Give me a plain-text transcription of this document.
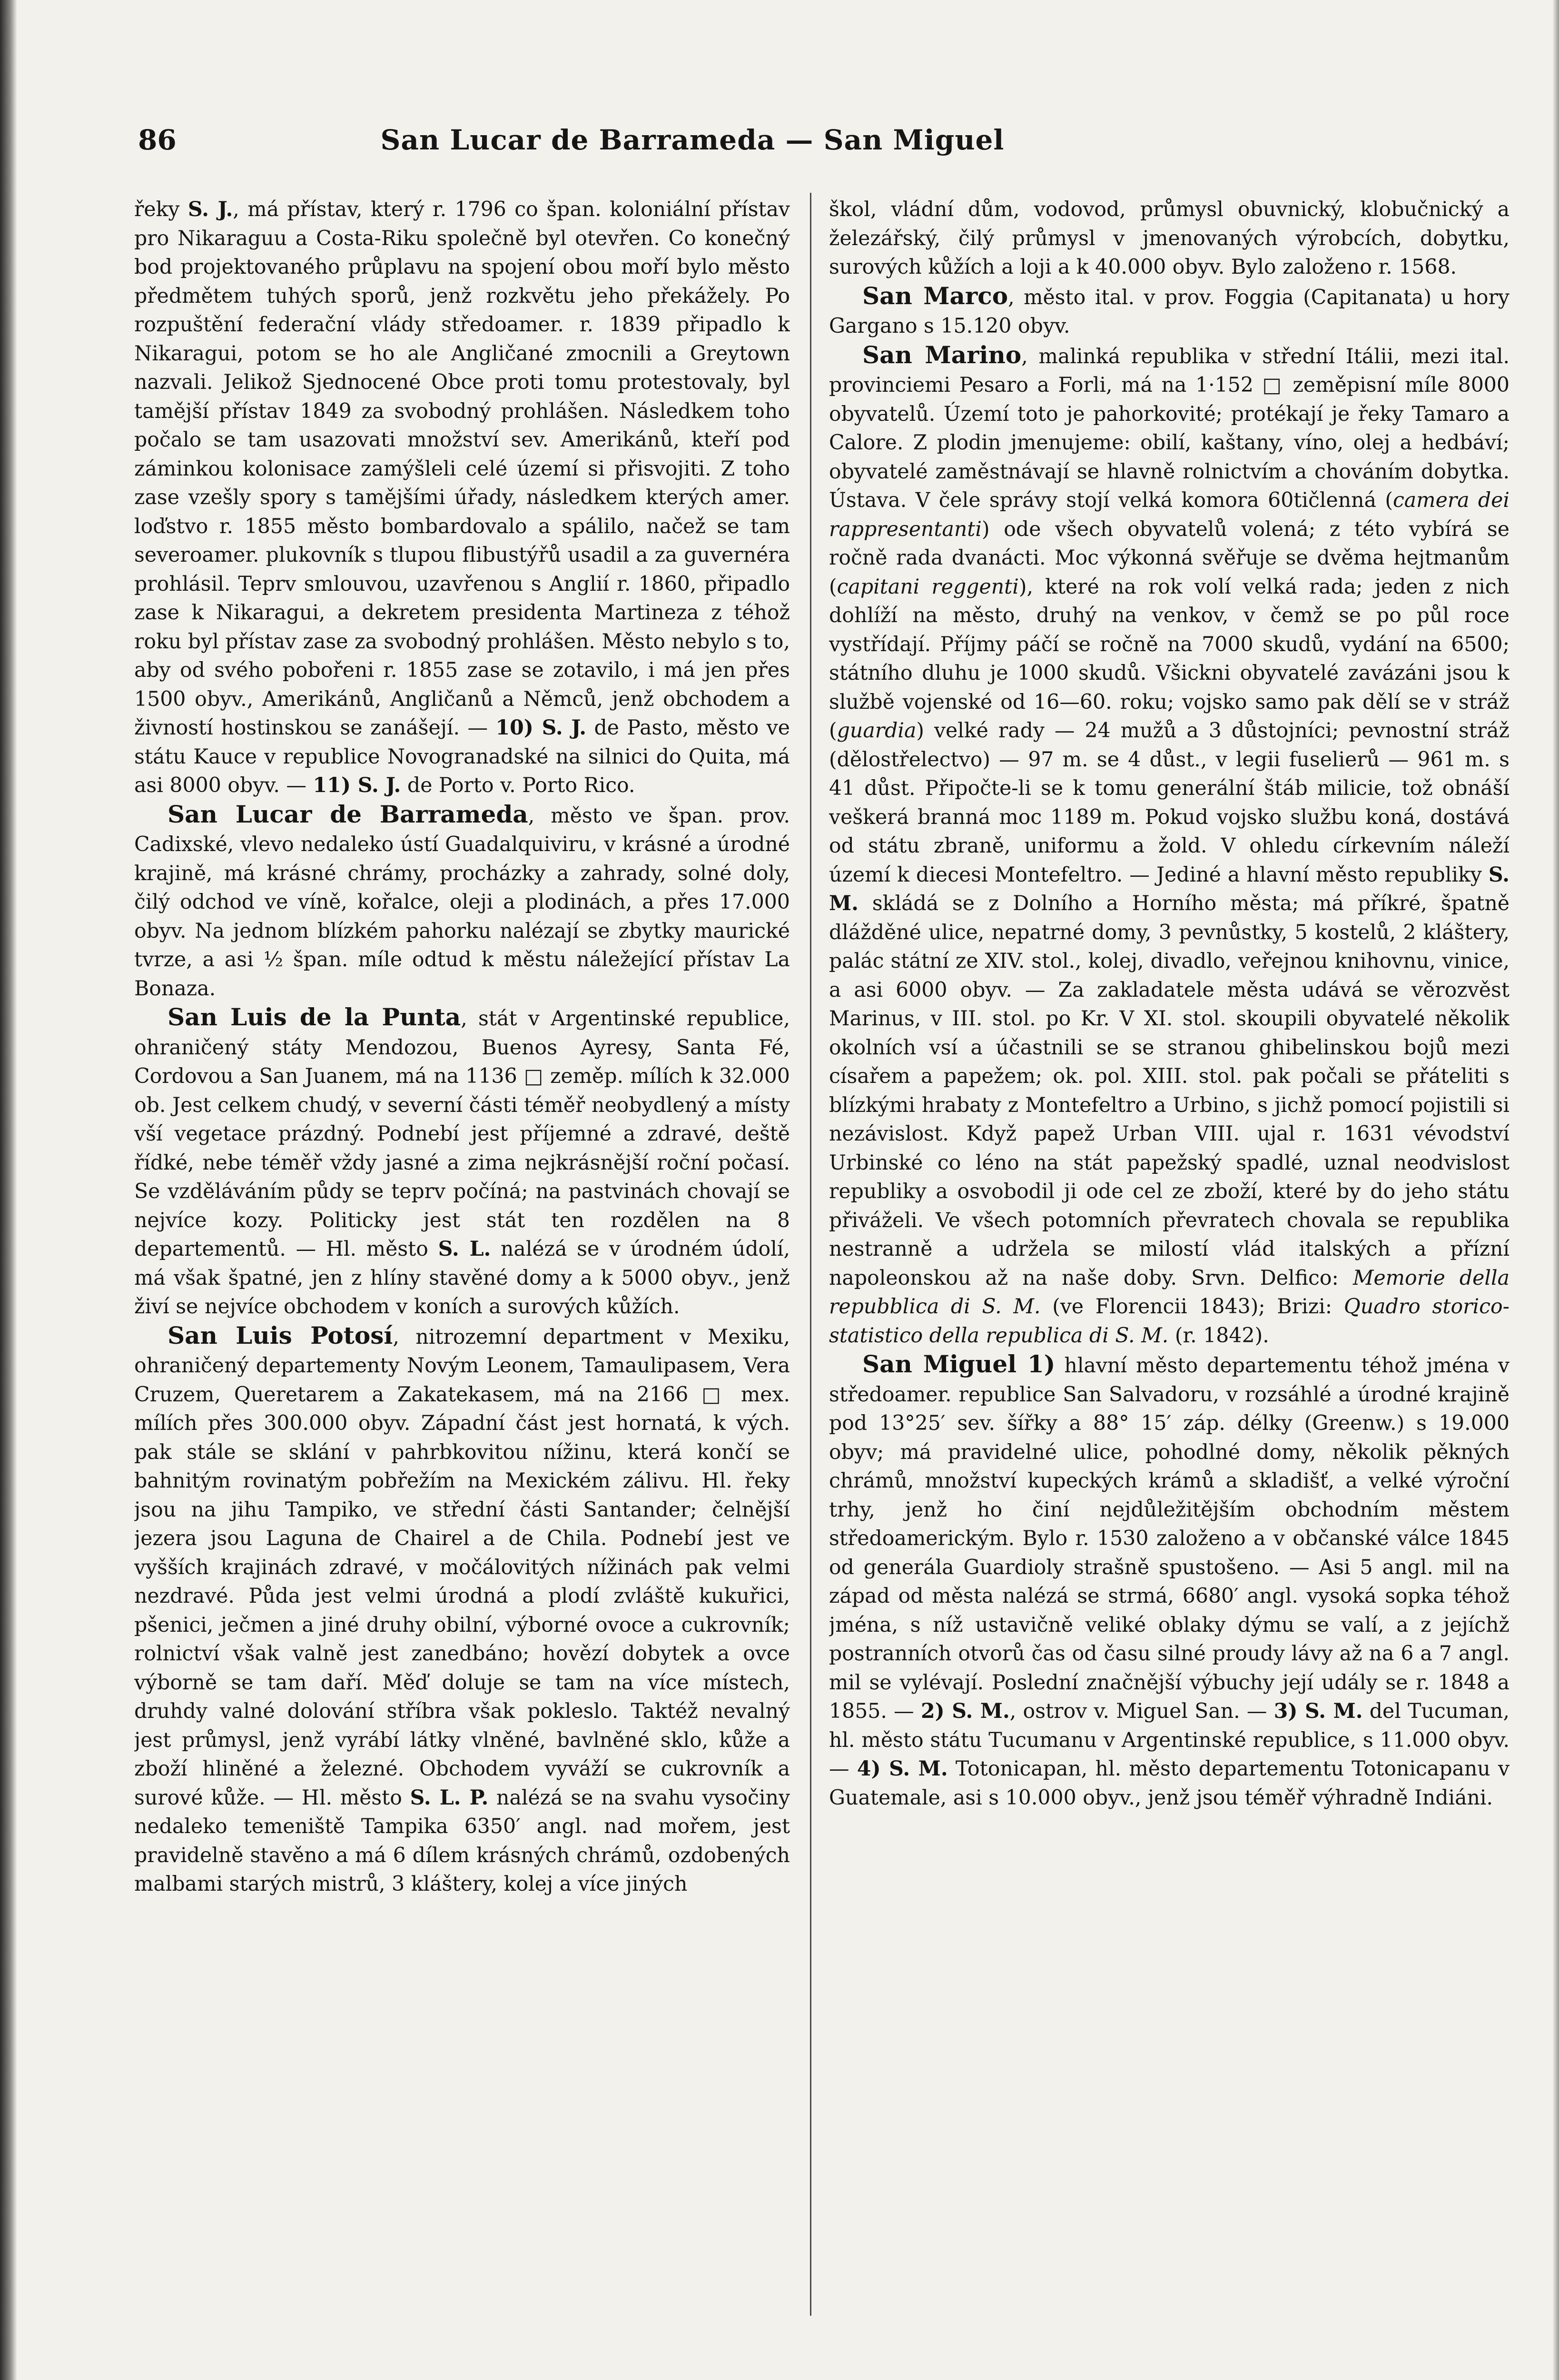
86	San Lucar de Barrameda — San Miguel

řeky S. J., má přístav, který r. 1796 co špan. koloniální přístav pro Nikaraguu a Costa-Riku společně byl otevřen. Co konečný bod projektovaného průplavu na spojení obou moří bylo město předmětem tuhých sporů, jenž rozkvětu jeho překážely. Po rozpuštění federační vlády středoamer. r. 1839 připadlo k Nikaragui, potom se ho ale Angličané zmocnili a Greytown nazvali. Jelikož Sjednocené Obce proti tomu protestovaly, byl tamější přístav 1849 za svobodný prohlášen. Následkem toho počalo se tam usazovati množství sev. Amerikánů, kteří pod záminkou kolonisace zamýšleli celé území si přisvojiti. Z toho zase vzešly spory s tamějšími úřady, následkem kterých amer. loďstvo r. 1855 město bombardovalo a spálilo, načež se tam severoamer. plukovník s tlupou flibustýřů usadil a za guvernéra prohlásil. Teprv smlouvou, uzavřenou s Anglií r. 1860, připadlo zase k Nikaragui, a dekretem presidenta Martineza z téhož roku byl přístav zase za svobodný prohlášen. Město nebylo s to, aby od svého pobořeni r. 1855 zase se zotavilo, i má jen přes 1500 obyv., Amerikánů, Angličanů a Němců, jenž obchodem a živností hostinskou se zanášejí. — 10) S. J. de Pasto, město ve státu Kauce v republice Novogranadské na silnici do Quita, má asi 8000 obyv. — 11) S. J. de Porto v. Porto Rico.

San Lucar de Barrameda, město ve špan. prov. Cadixské, vlevo nedaleko ústí Guadalquiviru, v krásné a úrodné krajině, má krásné chrámy, procházky a zahrady, solné doly, čilý odchod ve víně, kořalce, oleji a plodinách, a přes 17.000 obyv. Na jednom blízkém pahorku nalézají se zbytky maurické tvrze, a asi ½ špan. míle odtud k městu náležející přístav La Bonaza.

San Luis de la Punta, stát v Argentinské republice, ohraničený státy Mendozou, Buenos Ayresy, Santa Fé, Cordovou a San Juanem, má na 1136 □ zeměp. mílích k 32.000 ob. Jest celkem chudý, v severní části téměř neobydlený a místy vší vegetace prázdný. Podnebí jest příjemné a zdravé, deště řídké, nebe téměř vždy jasné a zima nejkrásnější roční počasí. Se vzděláváním půdy se teprv počíná; na pastvinách chovají se nejvíce kozy. Politicky jest stát ten rozdělen na 8 departementů. — Hl. město S. L. nalézá se v úrodném údolí, má však špatné, jen z hlíny stavěné domy a k 5000 obyv., jenž živí se nejvíce obchodem v koních a surových kůžích.

San Luis Potosí, nitrozemní department v Mexiku, ohraničený departementy Novým Leonem, Tamaulipasem, Vera Cruzem, Queretarem a Zakatekasem, má na 2166 □ mex. mílích přes 300.000 obyv. Západní část jest hornatá, k vých. pak stále se sklání v pahrbkovitou nížinu, která končí se bahnitým rovinatým pobřežím na Mexickém zálivu. Hl. řeky jsou na jihu Tampiko, ve střední části Santander; čelnější jezera jsou Laguna de Chairel a de Chila. Podnebí jest ve vyšších krajinách zdravé, v močálovitých nížinách pak velmi nezdravé. Půda jest velmi úrodná a plodí zvláště kukuřici, pšenici, ječmen a jiné druhy obilní, výborné ovoce a cukrovník; rolnictví však valně jest zanedbáno; hovězí dobytek a ovce výborně se tam daří. Měď doluje se tam na více místech, druhdy valné dolování stříbra však pokleslo. Taktéž nevalný jest průmysl, jenž vyrábí látky vlněné, bavlněné sklo, kůže a zboží hliněné a železné. Obchodem vyváží se cukrovník a surové kůže. — Hl. město S. L. P. nalézá se na svahu vysočiny nedaleko temeniště Tampika 6350′ angl. nad mořem, jest pravidelně stavěno a má 6 dílem krásných chrámů, ozdobených malbami starých mistrů, 3 kláštery, kolej a více jiných

škol, vládní dům, vodovod, průmysl obuvnický, klobučnický a železářský, čilý průmysl v jmenovaných výrobcích, dobytku, surových kůžích a loji a k 40.000 obyv. Bylo založeno r. 1568.

San Marco, město ital. v prov. Foggia (Capitanata) u hory Gargano s 15.120 obyv.

San Marino, malinká republika v střední Itálii, mezi ital. provinciemi Pesaro a Forli, má na 1·152 □ zeměpisní míle 8000 obyvatelů. Území toto je pahorkovité; protékají je řeky Tamaro a Calore. Z plodin jmenujeme: obilí, kaštany, víno, olej a hedbáví; obyvatelé zaměstnávají se hlavně rolnictvím a chováním dobytka. Ústava. V čele správy stojí velká komora 60tičlenná (camera dei rappresentanti) ode všech obyvatelů volená; z této vybírá se ročně rada dvanácti. Moc výkonná svěřuje se dvěma hejtmanům (capitani reggenti), které na rok volí velká rada; jeden z nich dohlíží na město, druhý na venkov, v čemž se po půl roce vystřídají. Příjmy páčí se ročně na 7000 skudů, vydání na 6500; státního dluhu je 1000 skudů. Všickni obyvatelé zavázáni jsou k službě vojenské od 16—60. roku; vojsko samo pak dělí se v stráž (guardia) velké rady — 24 mužů a 3 důstojníci; pevnostní stráž (dělostřelectvo) — 97 m. se 4 důst., v legii fuselierů — 961 m. s 41 důst. Připočte-li se k tomu generální štáb milicie, tož obnáší veškerá branná moc 1189 m. Pokud vojsko službu koná, dostává od státu zbraně, uniformu a žold. V ohledu církevním náleží území k diecesi Montefeltro. — Jediné a hlavní město republiky S. M. skládá se z Dolního a Horního města; má příkré, špatně dlážděné ulice, nepatrné domy, 3 pevnůstky, 5 kostelů, 2 kláštery, palác státní ze XIV. stol., kolej, divadlo, veřejnou knihovnu, vinice, a asi 6000 obyv. — Za zakladatele města udává se věrozvěst Marinus, v III. stol. po Kr. V XI. stol. skoupili obyvatelé několik okolních vsí a účastnili se se stranou ghibelinskou bojů mezi císařem a papežem; ok. pol. XIII. stol. pak počali se přáteliti s blízkými hrabaty z Montefeltro a Urbino, s jichž pomocí pojistili si nezávislost. Když papež Urban VIII. ujal r. 1631 vévodství Urbinské co léno na stát papežský spadlé, uznal neodvislost republiky a osvobodil ji ode cel ze zboží, které by do jeho státu přiváželi. Ve všech potomních převratech chovala se republika nestranně a udržela se milostí vlád italských a přízní napoleonskou až na naše doby. Srvn. Delfico: Memorie della repubblica di S. M. (ve Florencii 1843); Brizi: Quadro storico-statistico della republica di S. M. (r. 1842).

San Miguel 1) hlavní město departementu téhož jména v středoamer. republice San Salvadoru, v rozsáhlé a úrodné krajině pod 13°25′ sev. šířky a 88° 15′ záp. délky (Greenw.) s 19.000 obyv; má pravidelné ulice, pohodlné domy, několik pěkných chrámů, množství kupeckých krámů a skladišť, a velké výroční trhy, jenž ho činí nejdůležitějším obchodním městem středoamerickým. Bylo r. 1530 založeno a v občanské válce 1845 od generála Guardioly strašně spustošeno. — Asi 5 angl. mil na západ od města nalézá se strmá, 6680′ angl. vysoká sopka téhož jména, s níž ustavičně veliké oblaky dýmu se valí, a z jejíchž postranních otvorů čas od času silné proudy lávy až na 6 a 7 angl. mil se vylévají. Poslední značnější výbuchy její udály se r. 1848 a 1855. — 2) S. M., ostrov v. Miguel San. — 3) S. M. del Tucuman, hl. město státu Tucumanu v Argentinské republice, s 11.000 obyv. — 4) S. M. Totonicapan, hl. město departementu Totonicapanu v Guatemale, asi s 10.000 obyv., jenž jsou téměř výhradně Indiáni.
